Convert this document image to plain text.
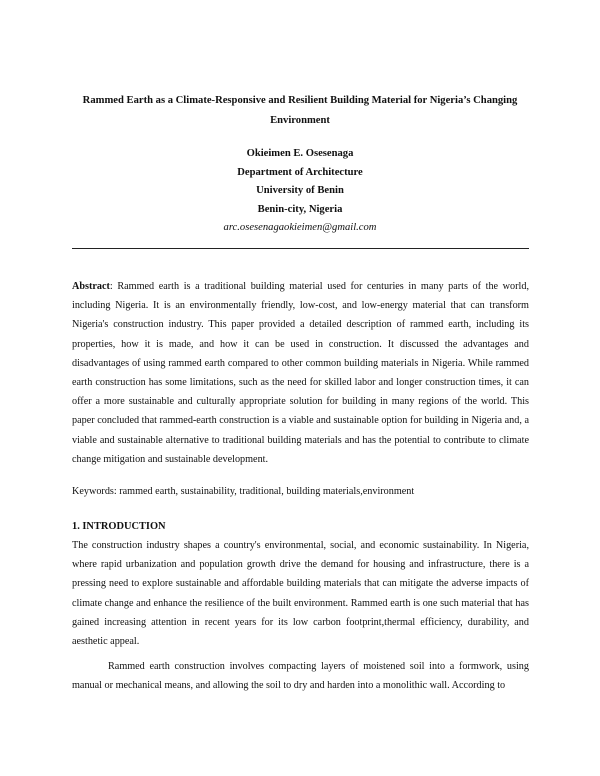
Rammed Earth as a Climate-Responsive and Resilient Building Material for Nigeria’s Changing Environment
Okieimen E. Osesenaga
Department of Architecture
University of Benin
Benin-city, Nigeria
arc.osesenagaokieimen@gmail.com
Abstract: Rammed earth is a traditional building material used for centuries in many parts of the world, including Nigeria. It is an environmentally friendly, low-cost, and low-energy material that can transform Nigeria's construction industry. This paper provided a detailed description of rammed earth, including its properties, how it is made, and how it can be used in construction. It discussed the advantages and disadvantages of using rammed earth compared to other common building materials in Nigeria. While rammed earth construction has some limitations, such as the need for skilled labor and longer construction times, it can offer a more sustainable and culturally appropriate solution for building in many regions of the world. This paper concluded that rammed-earth construction is a viable and sustainable option for building in Nigeria and, a viable and sustainable alternative to traditional building materials and has the potential to contribute to climate change mitigation and sustainable development.
Keywords: rammed earth, sustainability, traditional, building materials,environment
1. INTRODUCTION
The construction industry shapes a country's environmental, social, and economic sustainability. In Nigeria, where rapid urbanization and population growth drive the demand for housing and infrastructure, there is a pressing need to explore sustainable and affordable building materials that can mitigate the adverse impacts of climate change and enhance the resilience of the built environment. Rammed earth is one such material that has gained increasing attention in recent years for its low carbon footprint,thermal efficiency, durability, and aesthetic appeal.
Rammed earth construction involves compacting layers of moistened soil into a formwork, using manual or mechanical means, and allowing the soil to dry and harden into a monolithic wall. According to
